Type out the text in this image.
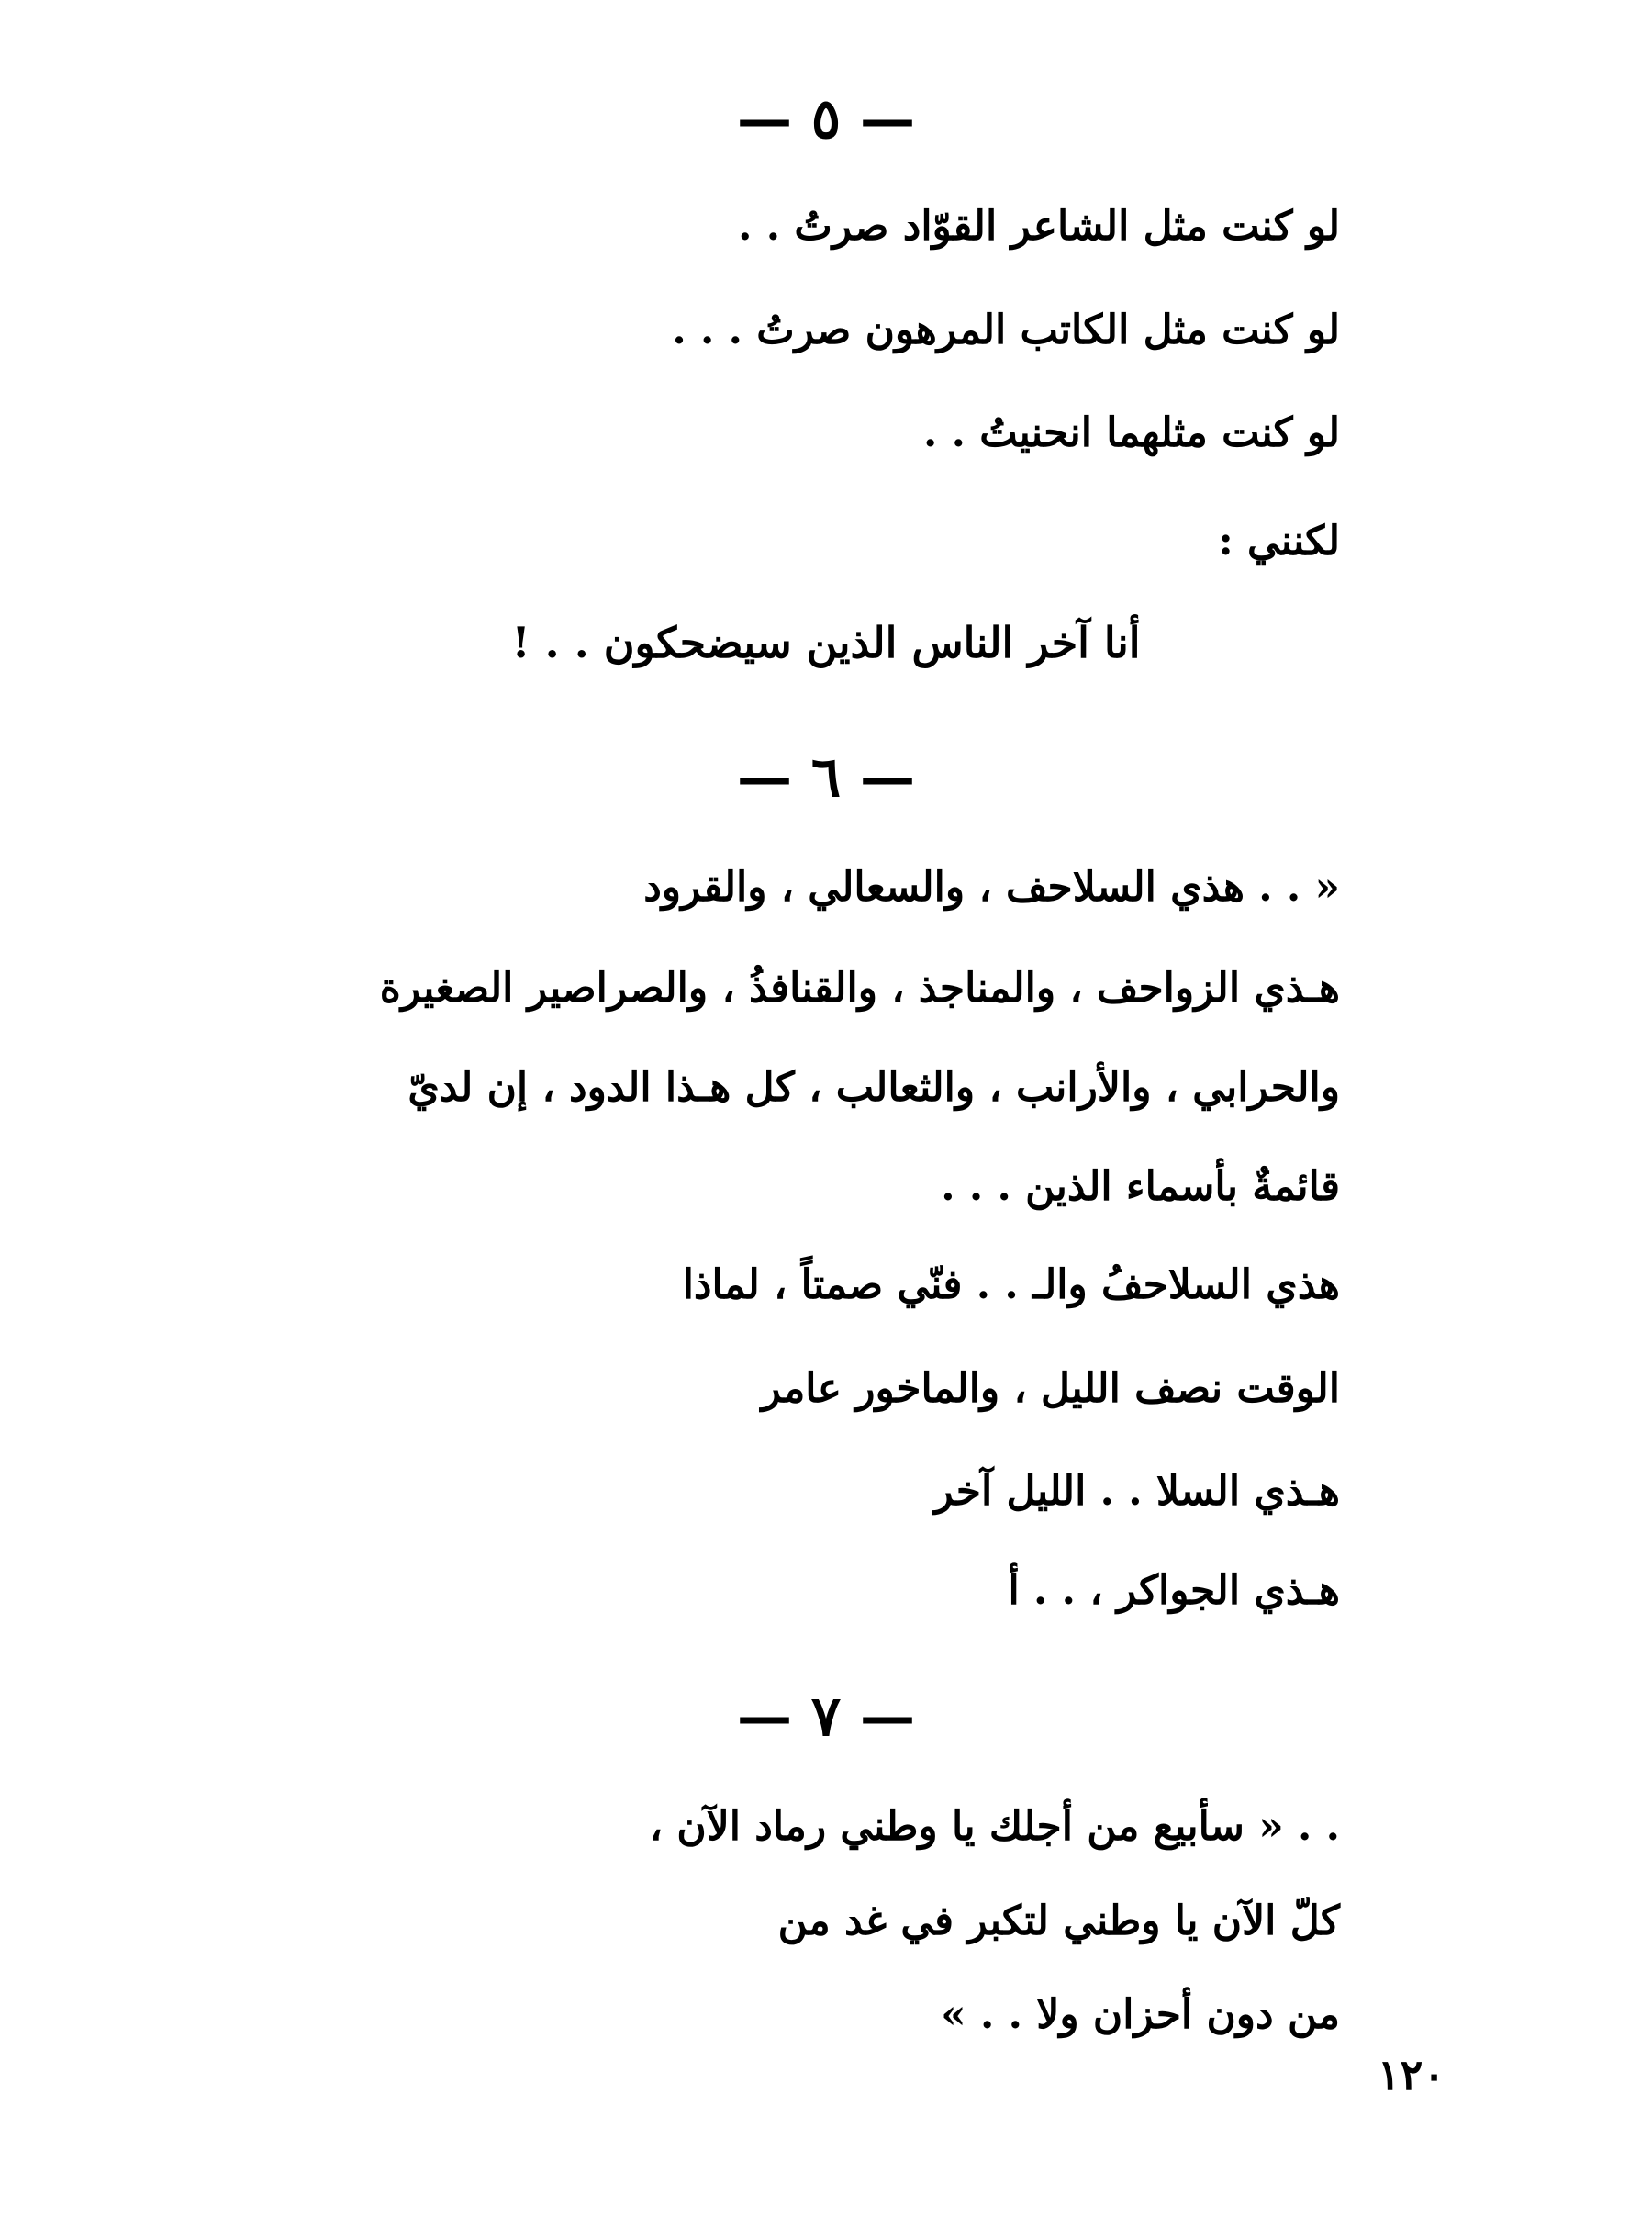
— ٥ —
لو كنت مثل الشاعر القوّاد صرتُ . .
لو كنت مثل الكاتب المرهون صرتُ . . .
لو كنت مثلهما انحنيتُ . .
لكنني :
أنا آخر الناس الذين سيضحكون . . !
— ٦ —
« . . هذي السلاحف ، والسعالي ، والقرود
هـذي الزواحف ، والمناجذ ، والقنافذُ ، والصراصير الصغيرة
والحرابي ، والأرانب ، والثعالب ، كل هـذا الدود ، إن لديّ
قائمةٌ بأسماء الذين . . .
هذي السلاحفُ والـ . . فنّي صمتاً ، لماذا
الوقت نصف الليل ، والماخور عامر
هـذي السلا . . الليل آخر
هـذي الجواكر ، . . أ
— ٧ —
. . « سأبيع من أجلك يا وطني رماد الآن ،
كلّ الآن يا وطني لتكبر في غد من
من دون أحزان ولا . . »
١٢٠
